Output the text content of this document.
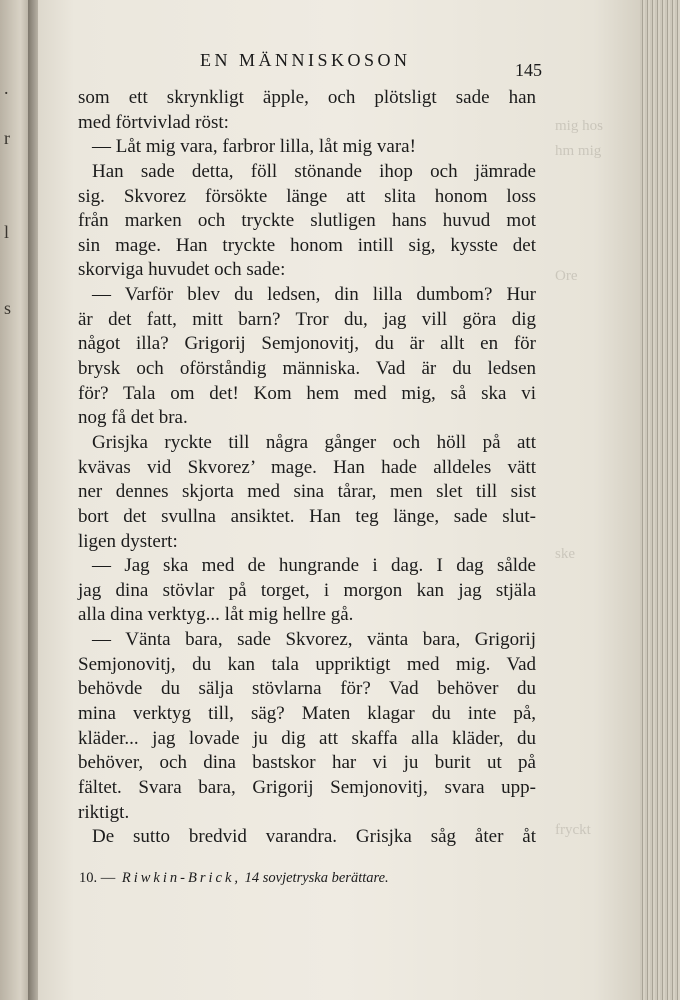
.
r
l
s
mig hos
hm mig
Ore
ske
fryckt
EN MÄNNISKOSON	145
som ett skrynkligt äpple, och plötsligt sade han
med förtvivlad röst:
— Låt mig vara, farbror lilla, låt mig vara!
Han sade detta, föll stönande ihop och jämrade
sig. Skvorez försökte länge att slita honom loss
från marken och tryckte slutligen hans huvud mot
sin mage. Han tryckte honom intill sig, kysste det
skorviga huvudet och sade:
— Varför blev du ledsen, din lilla dumbom? Hur
är det fatt, mitt barn? Tror du, jag vill göra dig
något illa? Grigorij Semjonovitj, du är allt en för
brysk och oförståndig människa. Vad är du ledsen
för? Tala om det! Kom hem med mig, så ska vi
nog få det bra.
Grisjka ryckte till några gånger och höll på att
kvävas vid Skvorez’ mage. Han hade alldeles vätt
ner dennes skjorta med sina tårar, men slet till sist
bort det svullna ansiktet. Han teg länge, sade slut-
ligen dystert:
— Jag ska med de hungrande i dag. I dag sålde
jag dina stövlar på torget, i morgon kan jag stjäla
alla dina verktyg... låt mig hellre gå.
— Vänta bara, sade Skvorez, vänta bara, Grigorij
Semjonovitj, du kan tala uppriktigt med mig. Vad
behövde du sälja stövlarna för? Vad behöver du
mina verktyg till, säg? Maten klagar du inte på,
kläder... jag lovade ju dig att skaffa alla kläder, du
behöver, och dina bastskor har vi ju burit ut på
fältet. Svara bara, Grigorij Semjonovitj, svara upp-
riktigt.
De sutto bredvid varandra. Grisjka såg åter åt
10. — Riwkin-Brick, 14 sovjetryska berättare.
